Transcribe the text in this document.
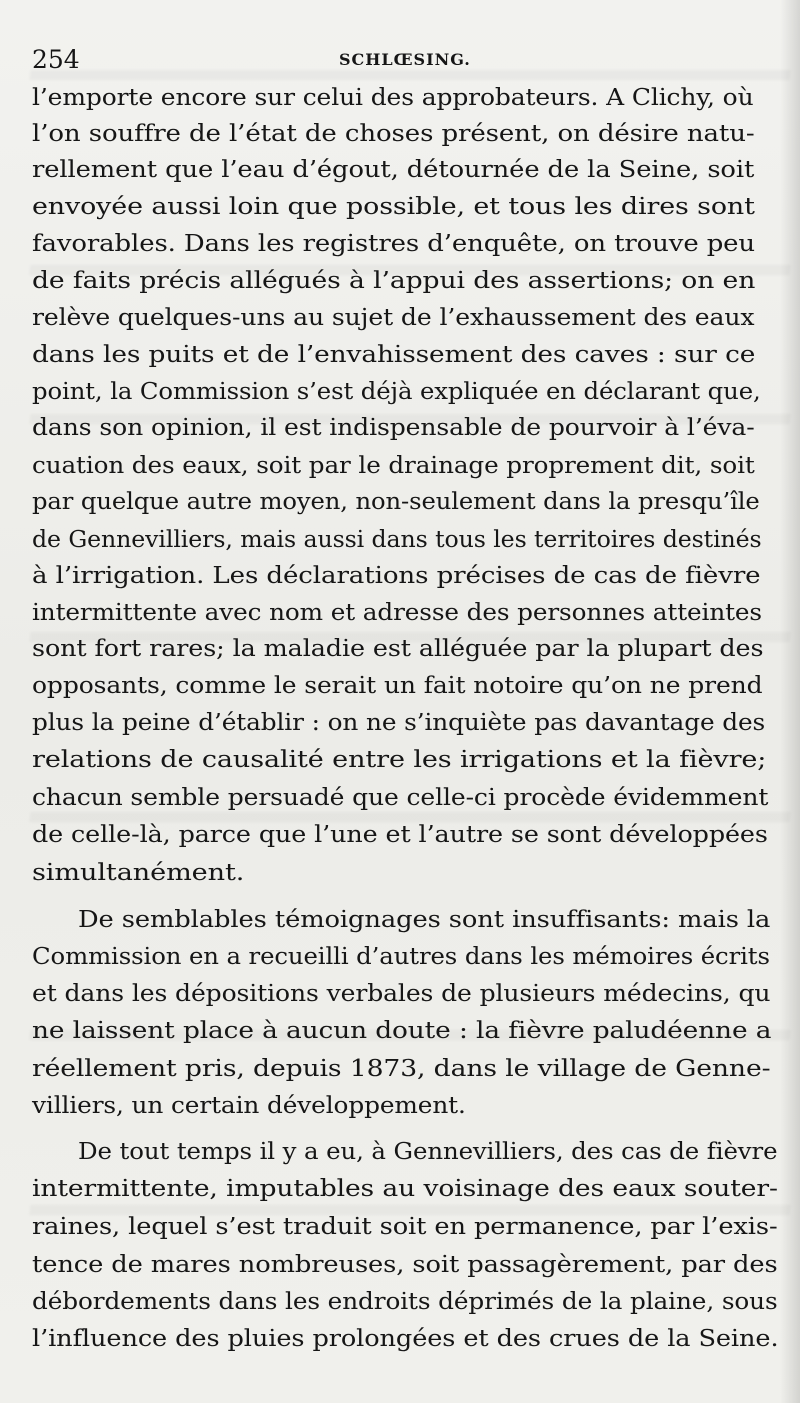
254	SCHLŒSING.
l’emporte encore sur celui des approbateurs. A Clichy, où
l’on souffre de l’état de choses présent, on désire natu-
rellement que l’eau d’égout, détournée de la Seine, soit
envoyée aussi loin que possible, et tous les dires sont
favorables. Dans les registres d’enquête, on trouve peu
de faits précis allégués à l’appui des assertions; on en
relève quelques-uns au sujet de l’exhaussement des eaux
dans les puits et de l’envahissement des caves : sur ce
point, la Commission s’est déjà expliquée en déclarant que,
dans son opinion, il est indispensable de pourvoir à l’éva-
cuation des eaux, soit par le drainage proprement dit, soit
par quelque autre moyen, non-seulement dans la presqu’île
de Gennevilliers, mais aussi dans tous les territoires destinés
à l’irrigation. Les déclarations précises de cas de fièvre
intermittente avec nom et adresse des personnes atteintes
sont fort rares; la maladie est alléguée par la plupart des
opposants, comme le serait un fait notoire qu’on ne prend
plus la peine d’établir : on ne s’inquiète pas davantage des
relations de causalité entre les irrigations et la fièvre;
chacun semble persuadé que celle-ci procède évidemment
de celle-là, parce que l’une et l’autre se sont développées
simultanément.
De semblables témoignages sont insuffisants: mais la
Commission en a recueilli d’autres dans les mémoires écrits
et dans les dépositions verbales de plusieurs médecins, qu
ne laissent place à aucun doute : la fièvre paludéenne a
réellement pris, depuis 1873, dans le village de Genne-
villiers, un certain développement.
De tout temps il y a eu, à Gennevilliers, des cas de fièvre
intermittente, imputables au voisinage des eaux souter-
raines, lequel s’est traduit soit en permanence, par l’exis-
tence de mares nombreuses, soit passagèrement, par des
débordements dans les endroits déprimés de la plaine, sous
l’influence des pluies prolongées et des crues de la Seine.
